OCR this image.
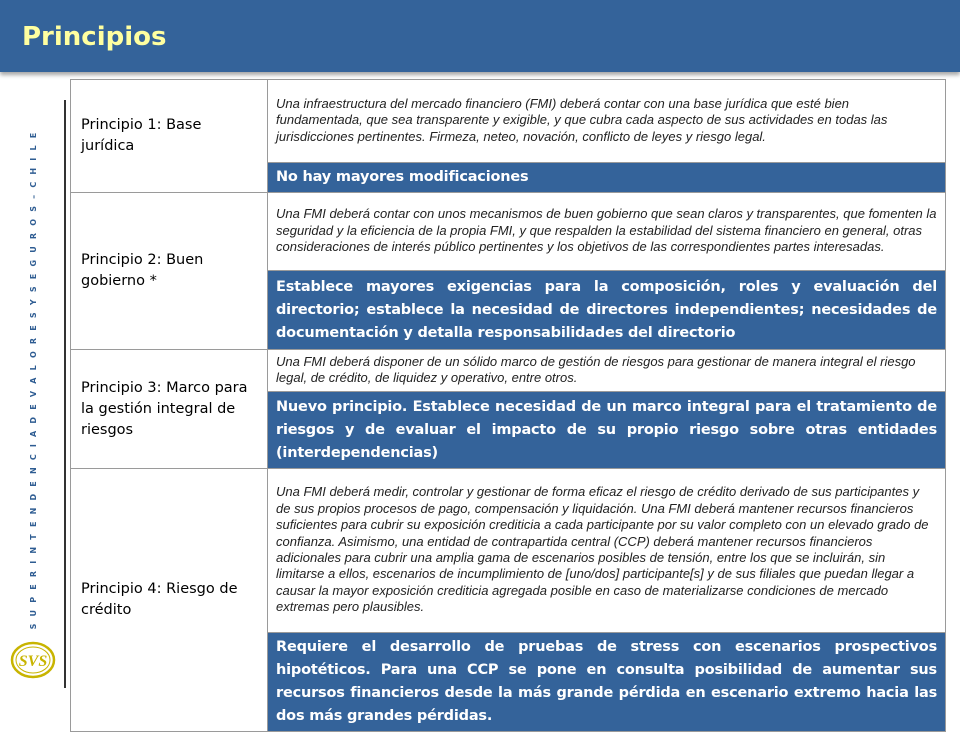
Principios
S U P E R I N T E N D E N C I A D E V A L O R E S Y S E G U R O S – C H I L E
SVS
Principio 1: Base jurídica	Una infraestructura del mercado financiero (FMI) deberá contar con una base jurídica que esté bien fundamentada, que sea transparente y exigible, y que cubra cada aspecto de sus actividades en todas las jurisdicciones pertinentes. Firmeza, neteo, novación, conflicto de leyes y riesgo legal.
	No hay mayores modificaciones
Principio 2: Buen gobierno *	Una FMI deberá contar con unos mecanismos de buen gobierno que sean claros y transparentes, que fomenten la seguridad y la eficiencia de la propia FMI, y que respalden la estabilidad del sistema financiero en general, otras consideraciones de interés público pertinentes y los objetivos de las correspondientes partes interesadas.
	Establece mayores exigencias para la composición, roles y evaluación del directorio; establece la necesidad de directores independientes; necesidades de documentación y detalla responsabilidades del directorio
Principio 3: Marco para la gestión integral de riesgos	Una FMI deberá disponer de un sólido marco de gestión de riesgos para gestionar de manera integral el riesgo legal, de crédito, de liquidez y operativo, entre otros.
	Nuevo principio. Establece necesidad de un marco integral para el tratamiento de riesgos y de evaluar el impacto de su propio riesgo sobre otras entidades (interdependencias)
Principio 4: Riesgo de crédito	Una FMI deberá medir, controlar y gestionar de forma eficaz el riesgo de crédito derivado de sus participantes y de sus propios procesos de pago, compensación y liquidación. Una FMI deberá mantener recursos financieros suficientes para cubrir su exposición crediticia a cada participante por su valor completo con un elevado grado de confianza. Asimismo, una entidad de contrapartida central (CCP) deberá mantener recursos financieros adicionales para cubrir una amplia gama de escenarios posibles de tensión, entre los que se incluirán, sin limitarse a ellos, escenarios de incumplimiento de [uno/dos] participante[s] y de sus filiales que puedan llegar a causar la mayor exposición crediticia agregada posible en caso de materializarse condiciones de mercado extremas pero plausibles.
	Requiere el desarrollo de pruebas de stress con escenarios prospectivos hipotéticos. Para una CCP se pone en consulta posibilidad de aumentar sus recursos financieros desde la más grande pérdida en escenario extremo hacia las dos más grandes pérdidas.
